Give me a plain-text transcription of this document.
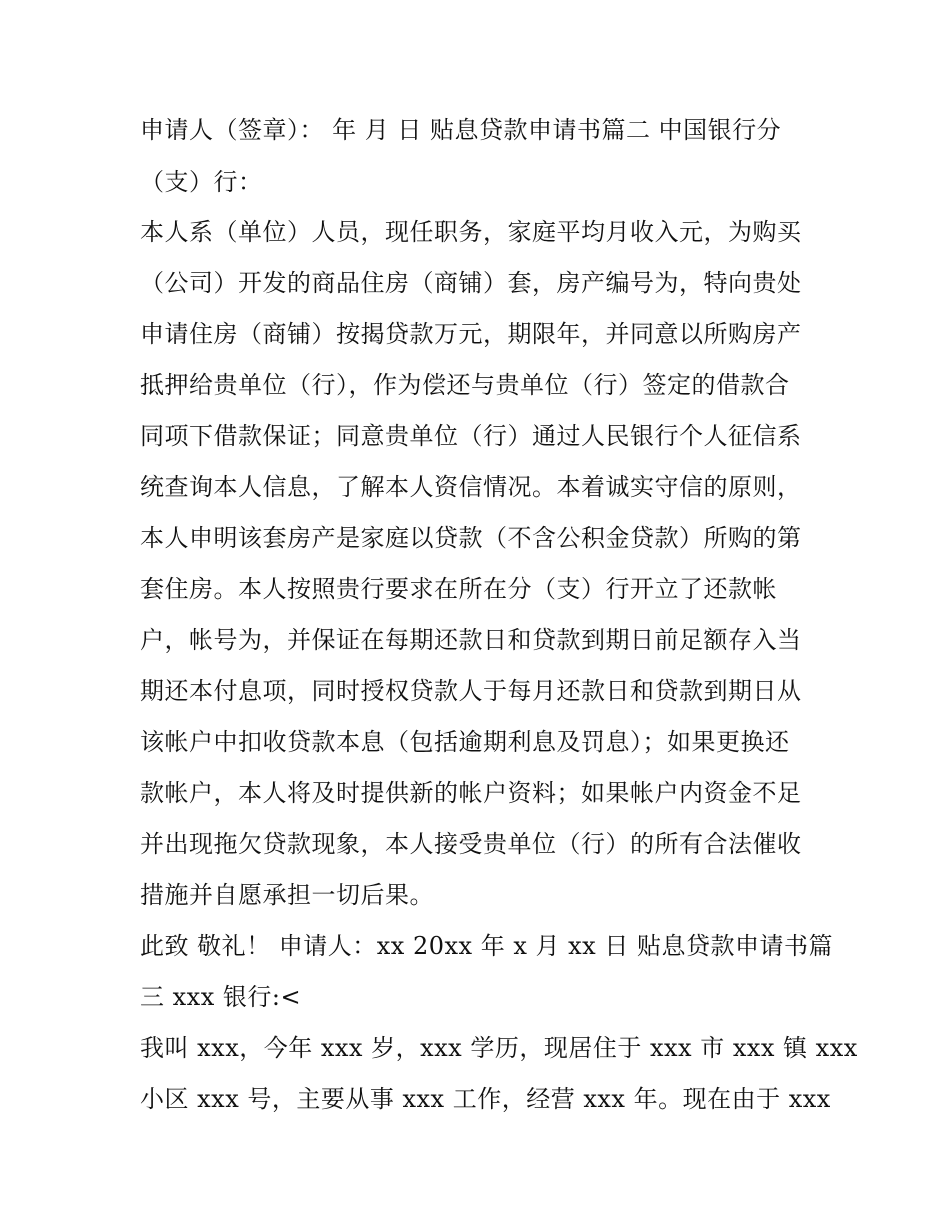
申请人（签章）： 年 月 日 贴息贷款申请书篇二 中国银行分

（支）行：

本人系（单位）人员，现任职务，家庭平均月收入元，为购买

（公司）开发的商品住房（商铺）套，房产编号为，特向贵处

申请住房（商铺）按揭贷款万元，期限年，并同意以所购房产

抵押给贵单位（行），作为偿还与贵单位（行）签定的借款合

同项下借款保证；同意贵单位（行）通过人民银行个人征信系

统查询本人信息，了解本人资信情况。本着诚实守信的原则，

本人申明该套房产是家庭以贷款（不含公积金贷款）所购的第

套住房。本人按照贵行要求在所在分（支）行开立了还款帐

户，帐号为，并保证在每期还款日和贷款到期日前足额存入当

期还本付息项，同时授权贷款人于每月还款日和贷款到期日从

该帐户中扣收贷款本息（包括逾期利息及罚息）；如果更换还

款帐户，本人将及时提供新的帐户资料；如果帐户内资金不足

并出现拖欠贷款现象，本人接受贵单位（行）的所有合法催收

措施并自愿承担一切后果。

此致 敬礼！ 申请人：xx 20xx 年 x 月 xx 日 贴息贷款申请书篇

三 xxx 银行:<

我叫 xxx，今年 xxx 岁，xxx 学历，现居住于 xxx 市 xxx 镇 xxx

小区 xxx 号，主要从事 xxx 工作，经营 xxx 年。现在由于 xxx
